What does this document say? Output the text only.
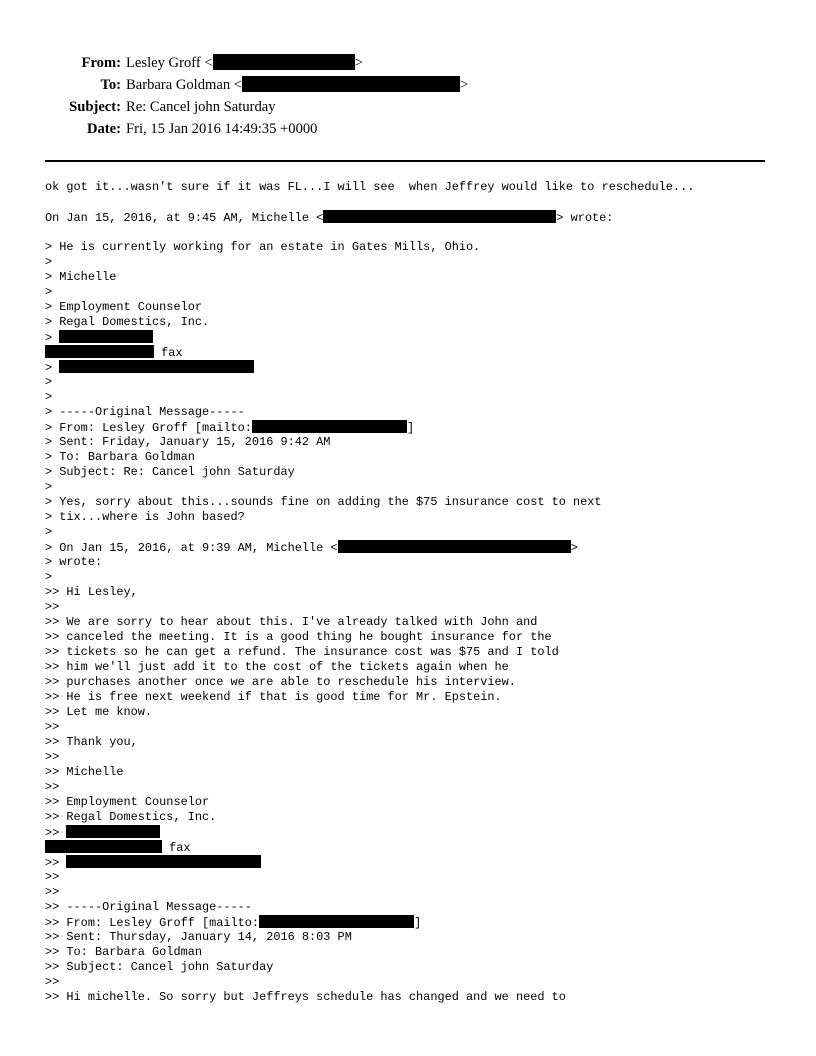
From: Lesley Groff <	>
To: Barbara Goldman <	>
Subject: Re: Cancel john Saturday
Date: Fri, 15 Jan 2016 14:49:35 +0000
ok got it...wasn't sure if it was FL...I will see  when Jeffrey would like to reschedule...
On Jan 15, 2016, at 9:45 AM, Michelle <	> wrote:
> He is currently working for an estate in Gates Mills, Ohio.
>
> Michelle
>
> Employment Counselor
> Regal Domestics, Inc.
>
fax
>
>
>
> -----Original Message-----
> From: Lesley Groff [mailto:	]
> Sent: Friday, January 15, 2016 9:42 AM
> To: Barbara Goldman
> Subject: Re: Cancel john Saturday
>
> Yes, sorry about this...sounds fine on adding the $75 insurance cost to next
> tix...where is John based?
>
> On Jan 15, 2016, at 9:39 AM, Michelle <	>
> wrote:
>
>> Hi Lesley,
>>
>> We are sorry to hear about this. I've already talked with John and
>> canceled the meeting. It is a good thing he bought insurance for the
>> tickets so he can get a refund. The insurance cost was $75 and I told
>> him we'll just add it to the cost of the tickets again when he
>> purchases another once we are able to reschedule his interview.
>> He is free next weekend if that is good time for Mr. Epstein.
>> Let me know.
>>
>> Thank you,
>>
>> Michelle
>>
>> Employment Counselor
>> Regal Domestics, Inc.
>>
fax
>>
>>
>>
>> -----Original Message-----
>> From: Lesley Groff [mailto:	]
>> Sent: Thursday, January 14, 2016 8:03 PM
>> To: Barbara Goldman
>> Subject: Cancel john Saturday
>>
>> Hi michelle. So sorry but Jeffreys schedule has changed and we need to
